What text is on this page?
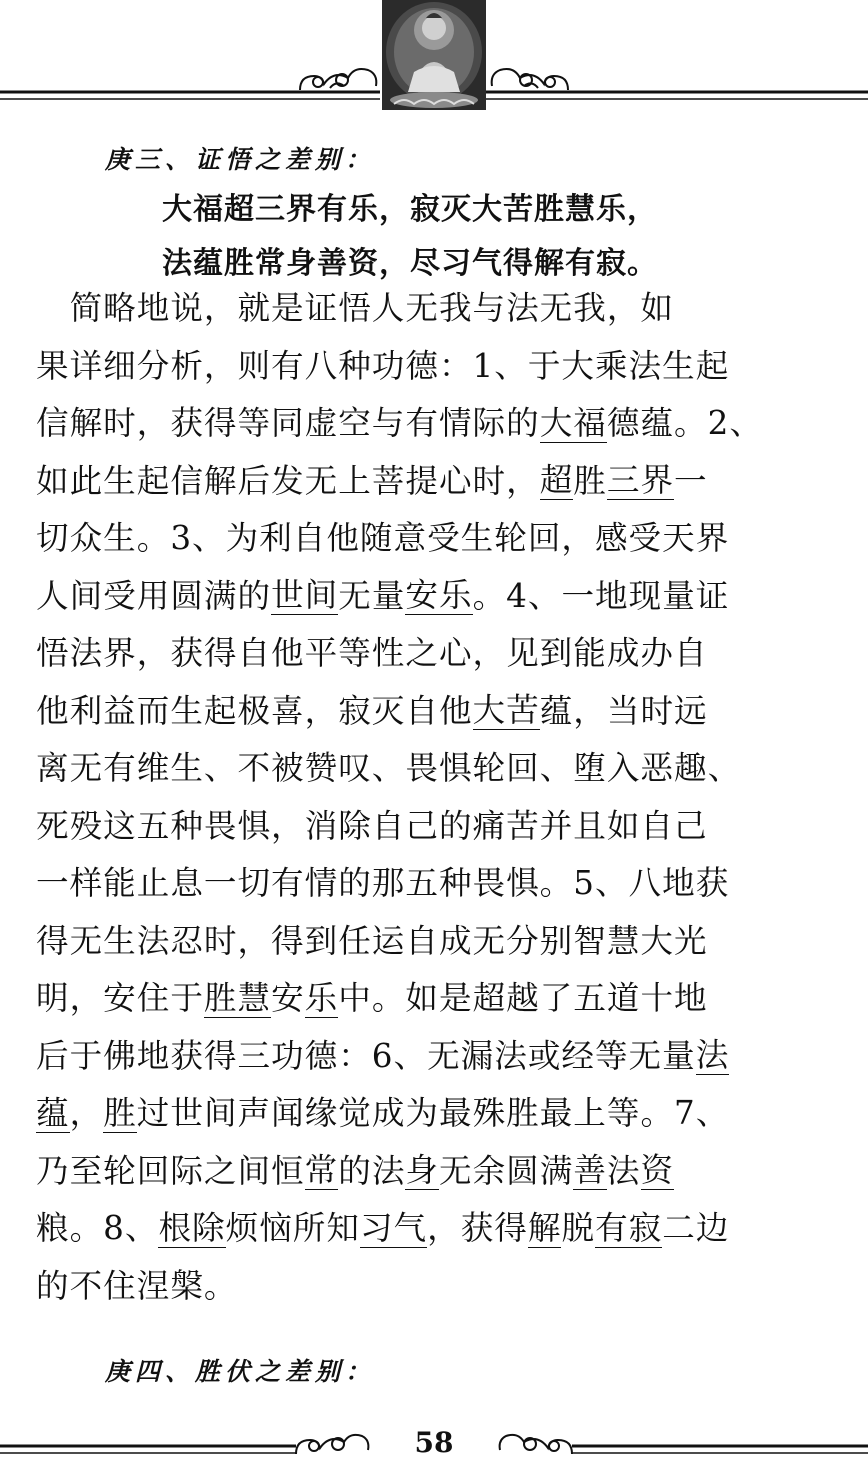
庚三、证悟之差别：
大福超三界有乐，寂灭大苦胜慧乐，
法蕴胜常身善资，尽习气得解有寂。
　简略地说，就是证悟人无我与法无我，如
果详细分析，则有八种功德：1、于大乘法生起
信解时，获得等同虚空与有情际的 大福 德蕴。2、
如此生起信解后发无上菩提心时， 超 胜 三界 一
切众生。3、为利自他随意受生轮回，感受天界
人间受用圆满的 世间 无量 安乐 。4、一地现量证
悟法界，获得自他平等性之心，见到能成办自
他利益而生起极喜，寂灭自他 大苦 蕴，当时远
离无有维生、不被赞叹、畏惧轮回、堕入恶趣、
死殁这五种畏惧，消除自己的痛苦并且如自己
一样能止息一切有情的那五种畏惧。5、八地获
得无生法忍时，得到任运自成无分别智慧大光
明，安住于 胜慧 安 乐 中。如是超越了五道十地
后于佛地获得三功德：6、无漏法或经等无量 法
蕴 ， 胜 过世间声闻缘觉成为最殊胜最上等。7、
乃至轮回际之间恒 常 的法 身 无余圆满 善 法 资
粮。8、 根除 烦恼所知 习气 ，获得 解 脱 有寂 二边
的不住涅槃。
庚四、胜伏之差别：
58
